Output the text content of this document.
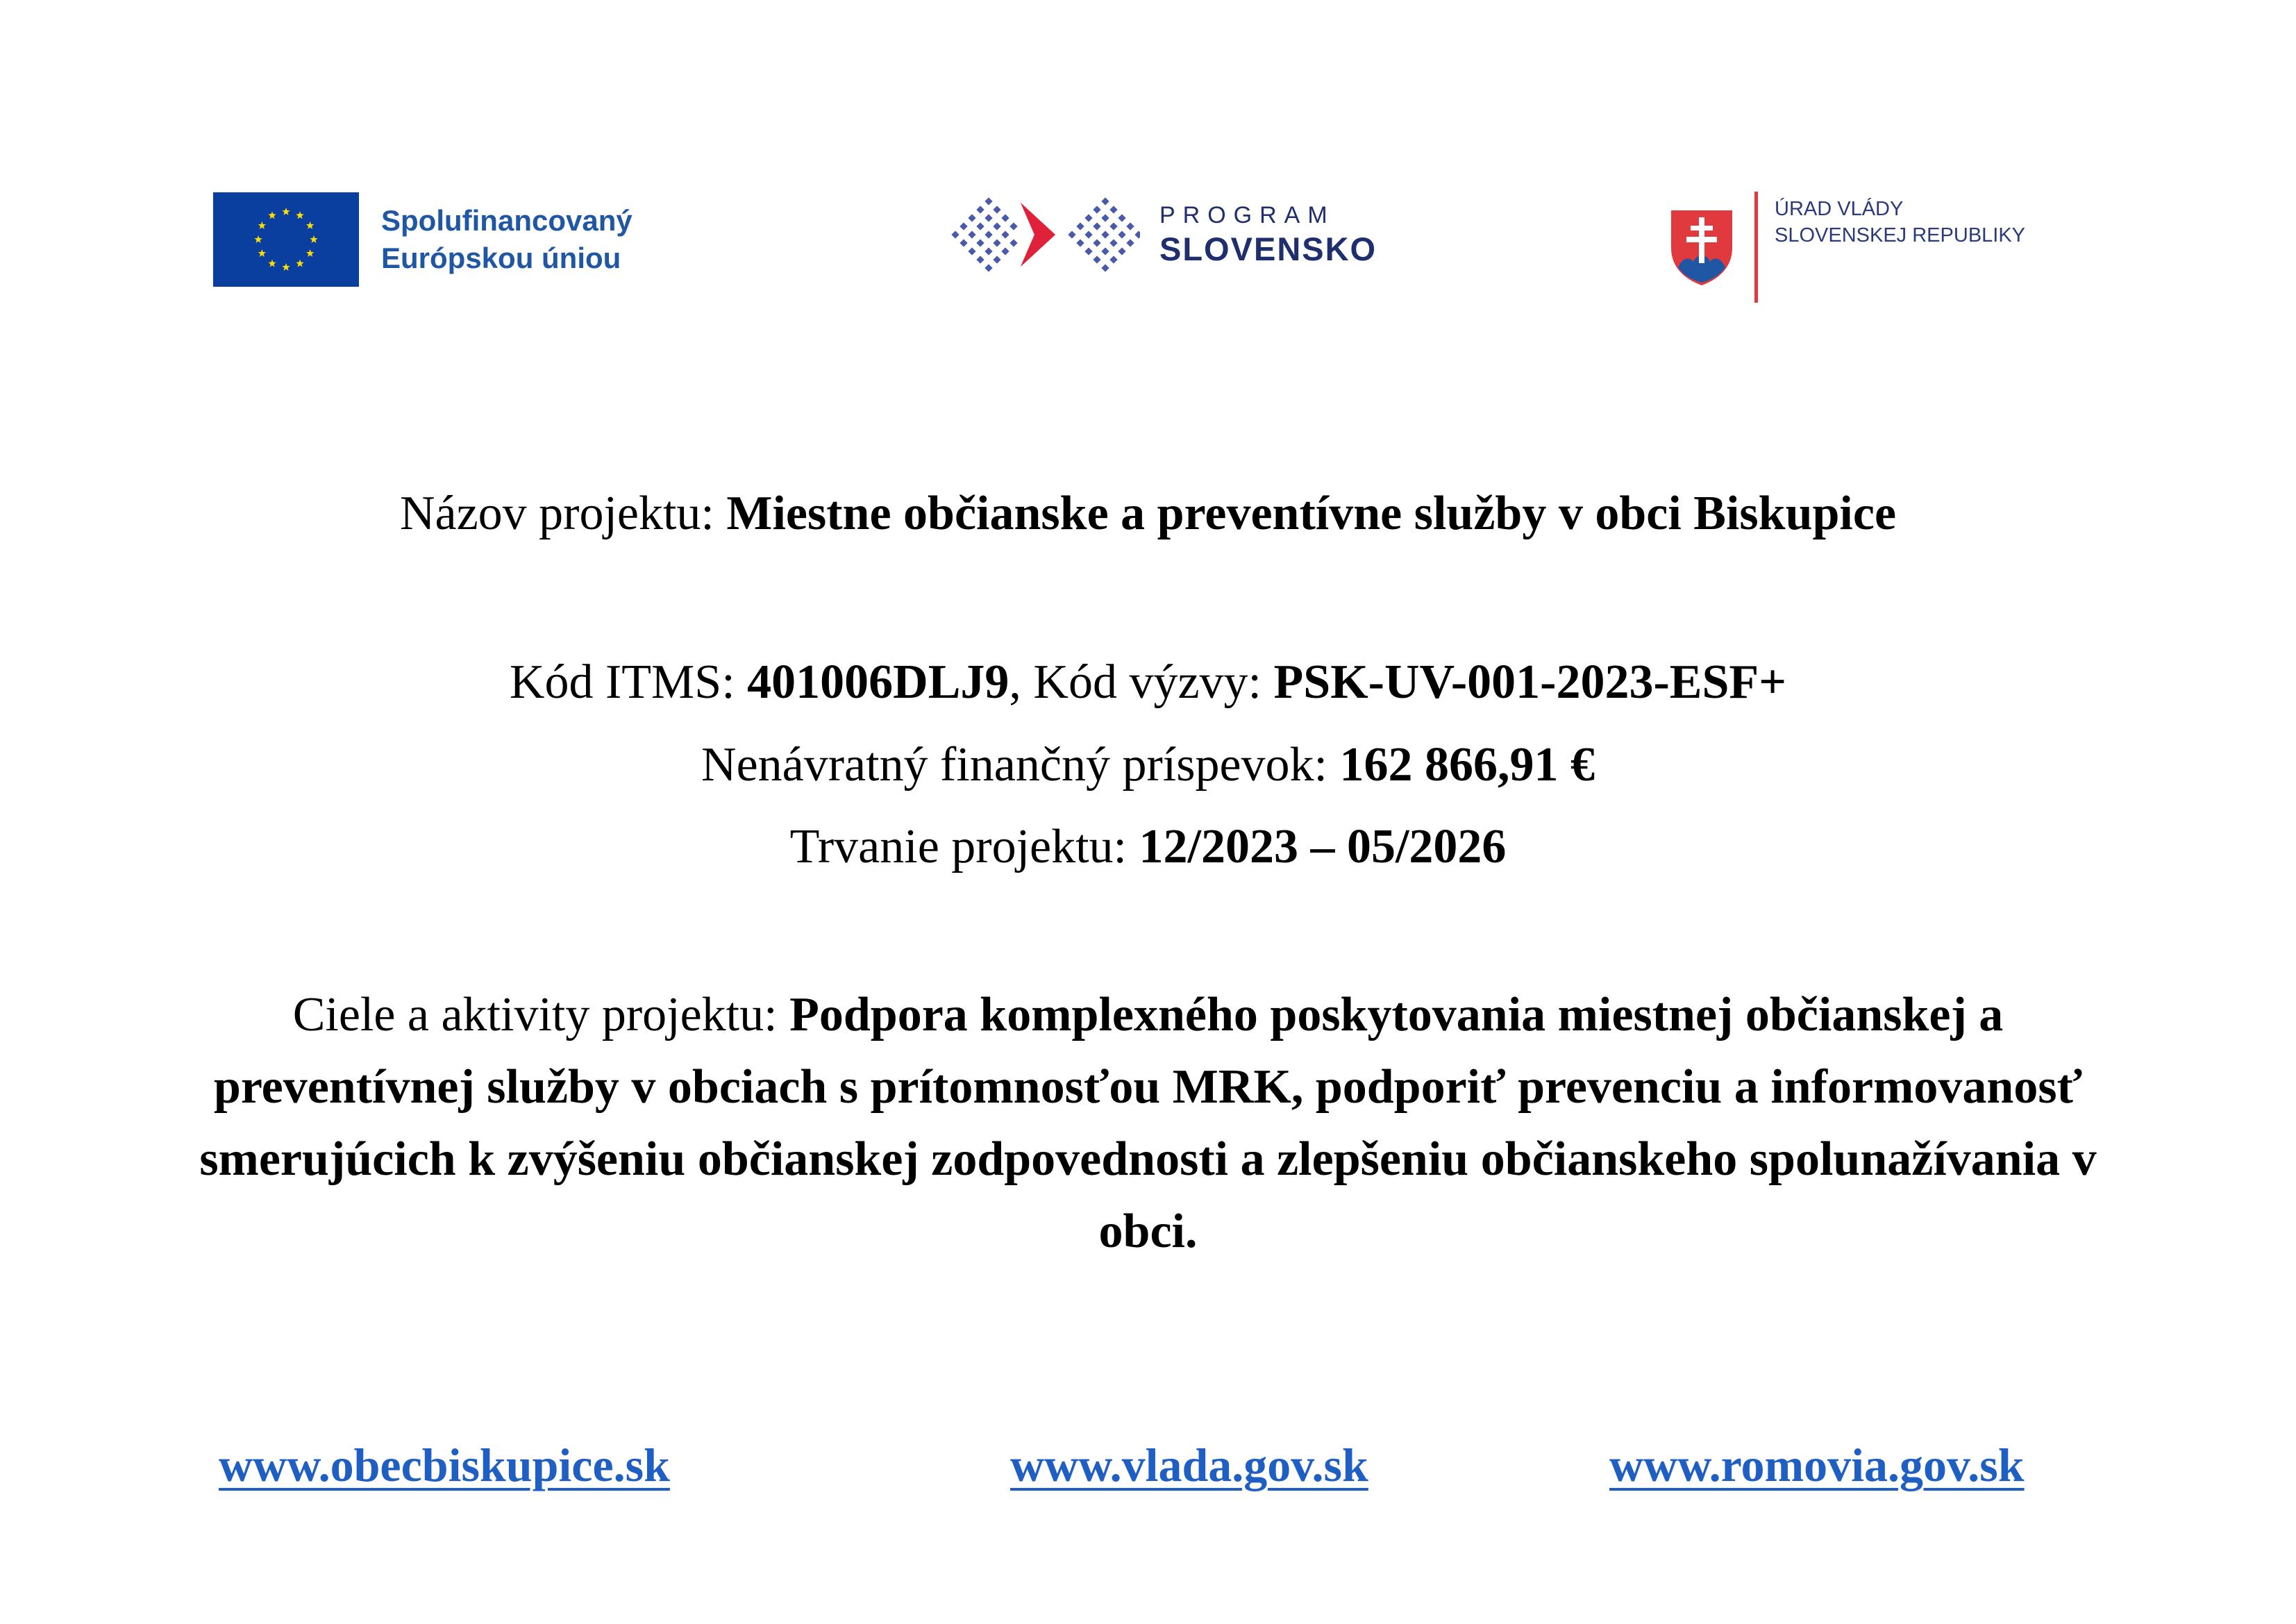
Spolufinancovaný
Európskou úniou
PROGRAM
SLOVENSKO
ÚRAD VLÁDY
SLOVENSKEJ REPUBLIKY
Názov projektu: Miestne občianske a preventívne služby v obci Biskupice
Kód ITMS: 401006DLJ9, Kód výzvy: PSK-UV-001-2023-ESF+
Nenávratný finančný príspevok: 162 866,91 €
Trvanie projektu: 12/2023 – 05/2026
Ciele a aktivity projektu: Podpora komplexného poskytovania miestnej občianskej a preventívnej služby v obciach s prítomnosťou MRK, podporiť prevenciu a informovanosť smerujúcich k zvýšeniu občianskej zodpovednosti a zlepšeniu občianskeho spolunažívania v obci.
www.obecbiskupice.sk	www.vlada.gov.sk	www.romovia.gov.sk
